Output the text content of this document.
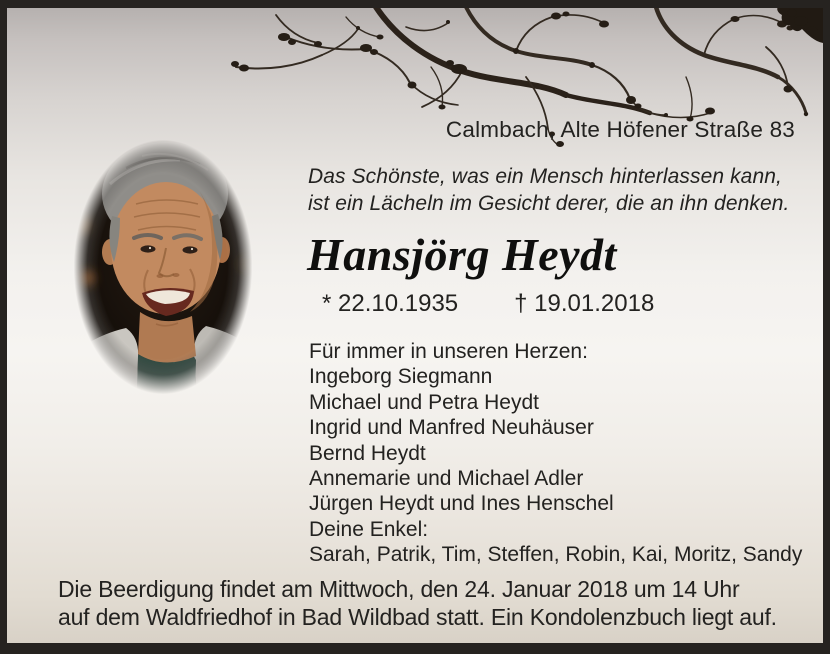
Calmbach, Alte Höfener Straße 83
Das Schönste, was ein Mensch hinterlassen kann,
ist ein Lächeln im Gesicht derer, die an ihn denken.
Hansjörg Heydt
* 22.10.1935 † 19.01.2018
Für immer in unseren Herzen:
Ingeborg Siegmann
Michael und Petra Heydt
Ingrid und Manfred Neuhäuser
Bernd Heydt
Annemarie und Michael Adler
Jürgen Heydt und Ines Henschel
Deine Enkel:
Sarah, Patrik, Tim, Steffen, Robin, Kai, Moritz, Sandy
Die Beerdigung findet am Mittwoch, den 24. Januar 2018 um 14 Uhr
auf dem Waldfriedhof in Bad Wildbad statt. Ein Kondolenzbuch liegt auf.
